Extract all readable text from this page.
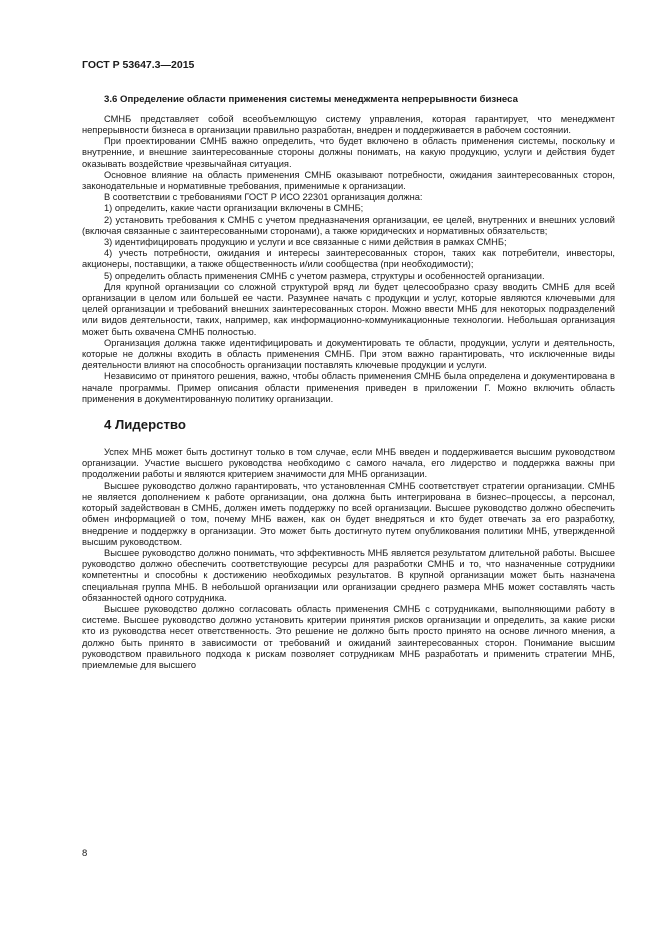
ГОСТ Р 53647.3—2015
3.6 Определение области применения системы менеджмента непрерывности бизнеса

СМНБ представляет собой всеобъемлющую систему управления, которая гарантирует, что менеджмент непрерывности бизнеса в организации правильно разработан, внедрен и поддерживается в рабочем состоянии.

При проектировании СМНБ важно определить, что будет включено в область применения системы, поскольку и внутренние, и внешние заинтересованные стороны должны понимать, на какую продукцию, услуги и действия будет оказывать воздействие чрезвычайная ситуация.

Основное влияние на область применения СМНБ оказывают потребности, ожидания заинтересованных сторон, законодательные и нормативные требования, применимые к организации.

В соответствии с требованиями ГОСТ Р ИСО 22301 организация должна:

1) определить, какие части организации включены в СМНБ;

2) установить требования к СМНБ с учетом предназначения организации, ее целей, внутренних и внешних условий (включая связанные с заинтересованными сторонами), а также юридических и нормативных обязательств;

3) идентифицировать продукцию и услуги и все связанные с ними действия в рамках СМНБ;

4) учесть потребности, ожидания и интересы заинтересованных сторон, таких как потребители, инвесторы, акционеры, поставщики, а также общественность и/или сообщества (при необходимости);

5) определить область применения СМНБ с учетом размера, структуры и особенностей организации.

Для крупной организации со сложной структурой вряд ли будет целесообразно сразу вводить СМНБ для всей организации в целом или большей ее части. Разумнее начать с продукции и услуг, которые являются ключевыми для целей организации и требований внешних заинтересованных сторон. Можно ввести МНБ для некоторых подразделений или видов деятельности, таких, например, как информационно-коммуникационные технологии. Небольшая организация может быть охвачена СМНБ полностью.

Организация должна также идентифицировать и документировать те области, продукции, услуги и деятельность, которые не должны входить в область применения СМНБ. При этом важно гарантировать, что исключенные виды деятельности влияют на способность организации поставлять ключевые продукции и услуги.

Независимо от принятого решения, важно, чтобы область применения СМНБ была определена и документирована в начале программы. Пример описания области применения приведен в приложении Г. Можно включить область применения в документированную политику организации.

4 Лидерство

Успех МНБ может быть достигнут только в том случае, если МНБ введен и поддерживается высшим руководством организации. Участие высшего руководства необходимо с самого начала, его лидерство и поддержка важны при продолжении работы и являются критерием значимости для МНБ организации.

Высшее руководство должно гарантировать, что установленная СМНБ соответствует стратегии организации. СМНБ не является дополнением к работе организации, она должна быть интегрирована в бизнес–процессы, а персонал, который задействован в СМНБ, должен иметь поддержку по всей организации. Высшее руководство должно обеспечить обмен информацией о том, почему МНБ важен, как он будет внедряться и кто будет отвечать за его разработку, внедрение и поддержку в организации. Это может быть достигнуто путем опубликования политики МНБ, утвержденной высшим руководством.

Высшее руководство должно понимать, что эффективность МНБ является результатом длительной работы. Высшее руководство должно обеспечить соответствующие ресурсы для разработки СМНБ и то, что назначенные сотрудники компетентны и способны к достижению необходимых результатов. В крупной организации может быть назначена специальная группа МНБ. В небольшой организации или организации среднего размера МНБ может составлять часть обязанностей одного сотрудника.

Высшее руководство должно согласовать область применения СМНБ с сотрудниками, выполняющими работу в системе. Высшее руководство должно установить критерии принятия рисков организации и определить, за какие риски кто из руководства несет ответственность. Это решение не должно быть просто принято на основе личного мнения, а должно быть принято в зависимости от требований и ожиданий заинтересованных сторон. Понимание высшим руководством правильного подхода к рискам позволяет сотрудникам МНБ разработать и применить стратегии МНБ, приемлемые для высшего

8
